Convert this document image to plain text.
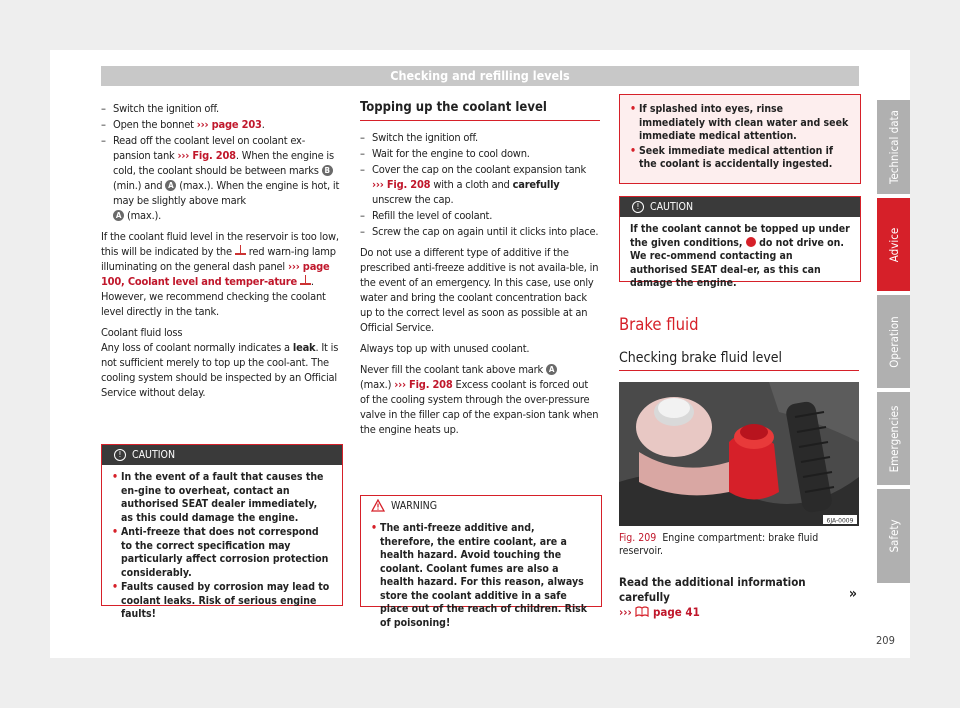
Checking and refilling levels
– Switch the ignition off.
– Open the bonnet ››› page 203.
– Read off the coolant level on coolant ex-pansion tank ››› Fig. 208. When the engine is cold, the coolant should be between marks B (min.) and A (max.). When the engine is hot, it may be slightly above mark
A (max.).

If the coolant fluid level in the reservoir is too low, this will be indicated by the red warn-ing lamp illuminating on the general dash panel ››› page 100, Coolant level and temper-ature . However, we recommend checking the coolant level directly in the tank.

Coolant fluid loss

Any loss of coolant normally indicates a leak. It is not sufficient merely to top up the cool-ant. The cooling system should be inspected by an Official Service without delay.

!	CAUTION
• In the event of a fault that causes the en-gine to overheat, contact an authorised SEAT dealer immediately, as this could damage the engine.
• Anti-freeze that does not correspond to the correct specification may particularly affect corrosion protection considerably.
• Faults caused by corrosion may lead to coolant leaks. Risk of serious engine faults!
Topping up the coolant level
– Switch the ignition off.
– Wait for the engine to cool down.
– Cover the cap on the coolant expansion tank ››› Fig. 208 with a cloth and carefully unscrew the cap.
– Refill the level of coolant.
– Screw the cap on again until it clicks into place.

Do not use a different type of additive if the prescribed anti-freeze additive is not availa-ble, in the event of an emergency. In this case, use only water and bring the coolant concentration back up to the correct level as soon as possible at an Official Service.

Always top up with unused coolant.

Never fill the coolant tank above mark A
(max.) ››› Fig. 208 Excess coolant is forced out of the cooling system through the over-pressure valve in the filler cap of the expan-sion tank when the engine heats up.

WARNING
• The anti-freeze additive and, therefore, the entire coolant, are a health hazard. Avoid touching the coolant. Coolant fumes are also a health hazard. For this reason, always store the coolant additive in a safe place out of the reach of children. Risk of poisoning!
• If splashed into eyes, rinse immediately with clean water and seek immediate medical attention.
• Seek immediate medical attention if the coolant is accidentally ingested.
!	CAUTION
If the coolant cannot be topped up under the given conditions, do not drive on. We rec-ommend contacting an authorised SEAT deal-er, as this can damage the engine.
Brake fluid
Checking brake fluid level
6JA-0009
Fig. 209 Engine compartment: brake fluid reservoir.
Read the additional information carefully
››› page 41
»
Technical data
Advice
Operation
Emergencies
Safety
209
